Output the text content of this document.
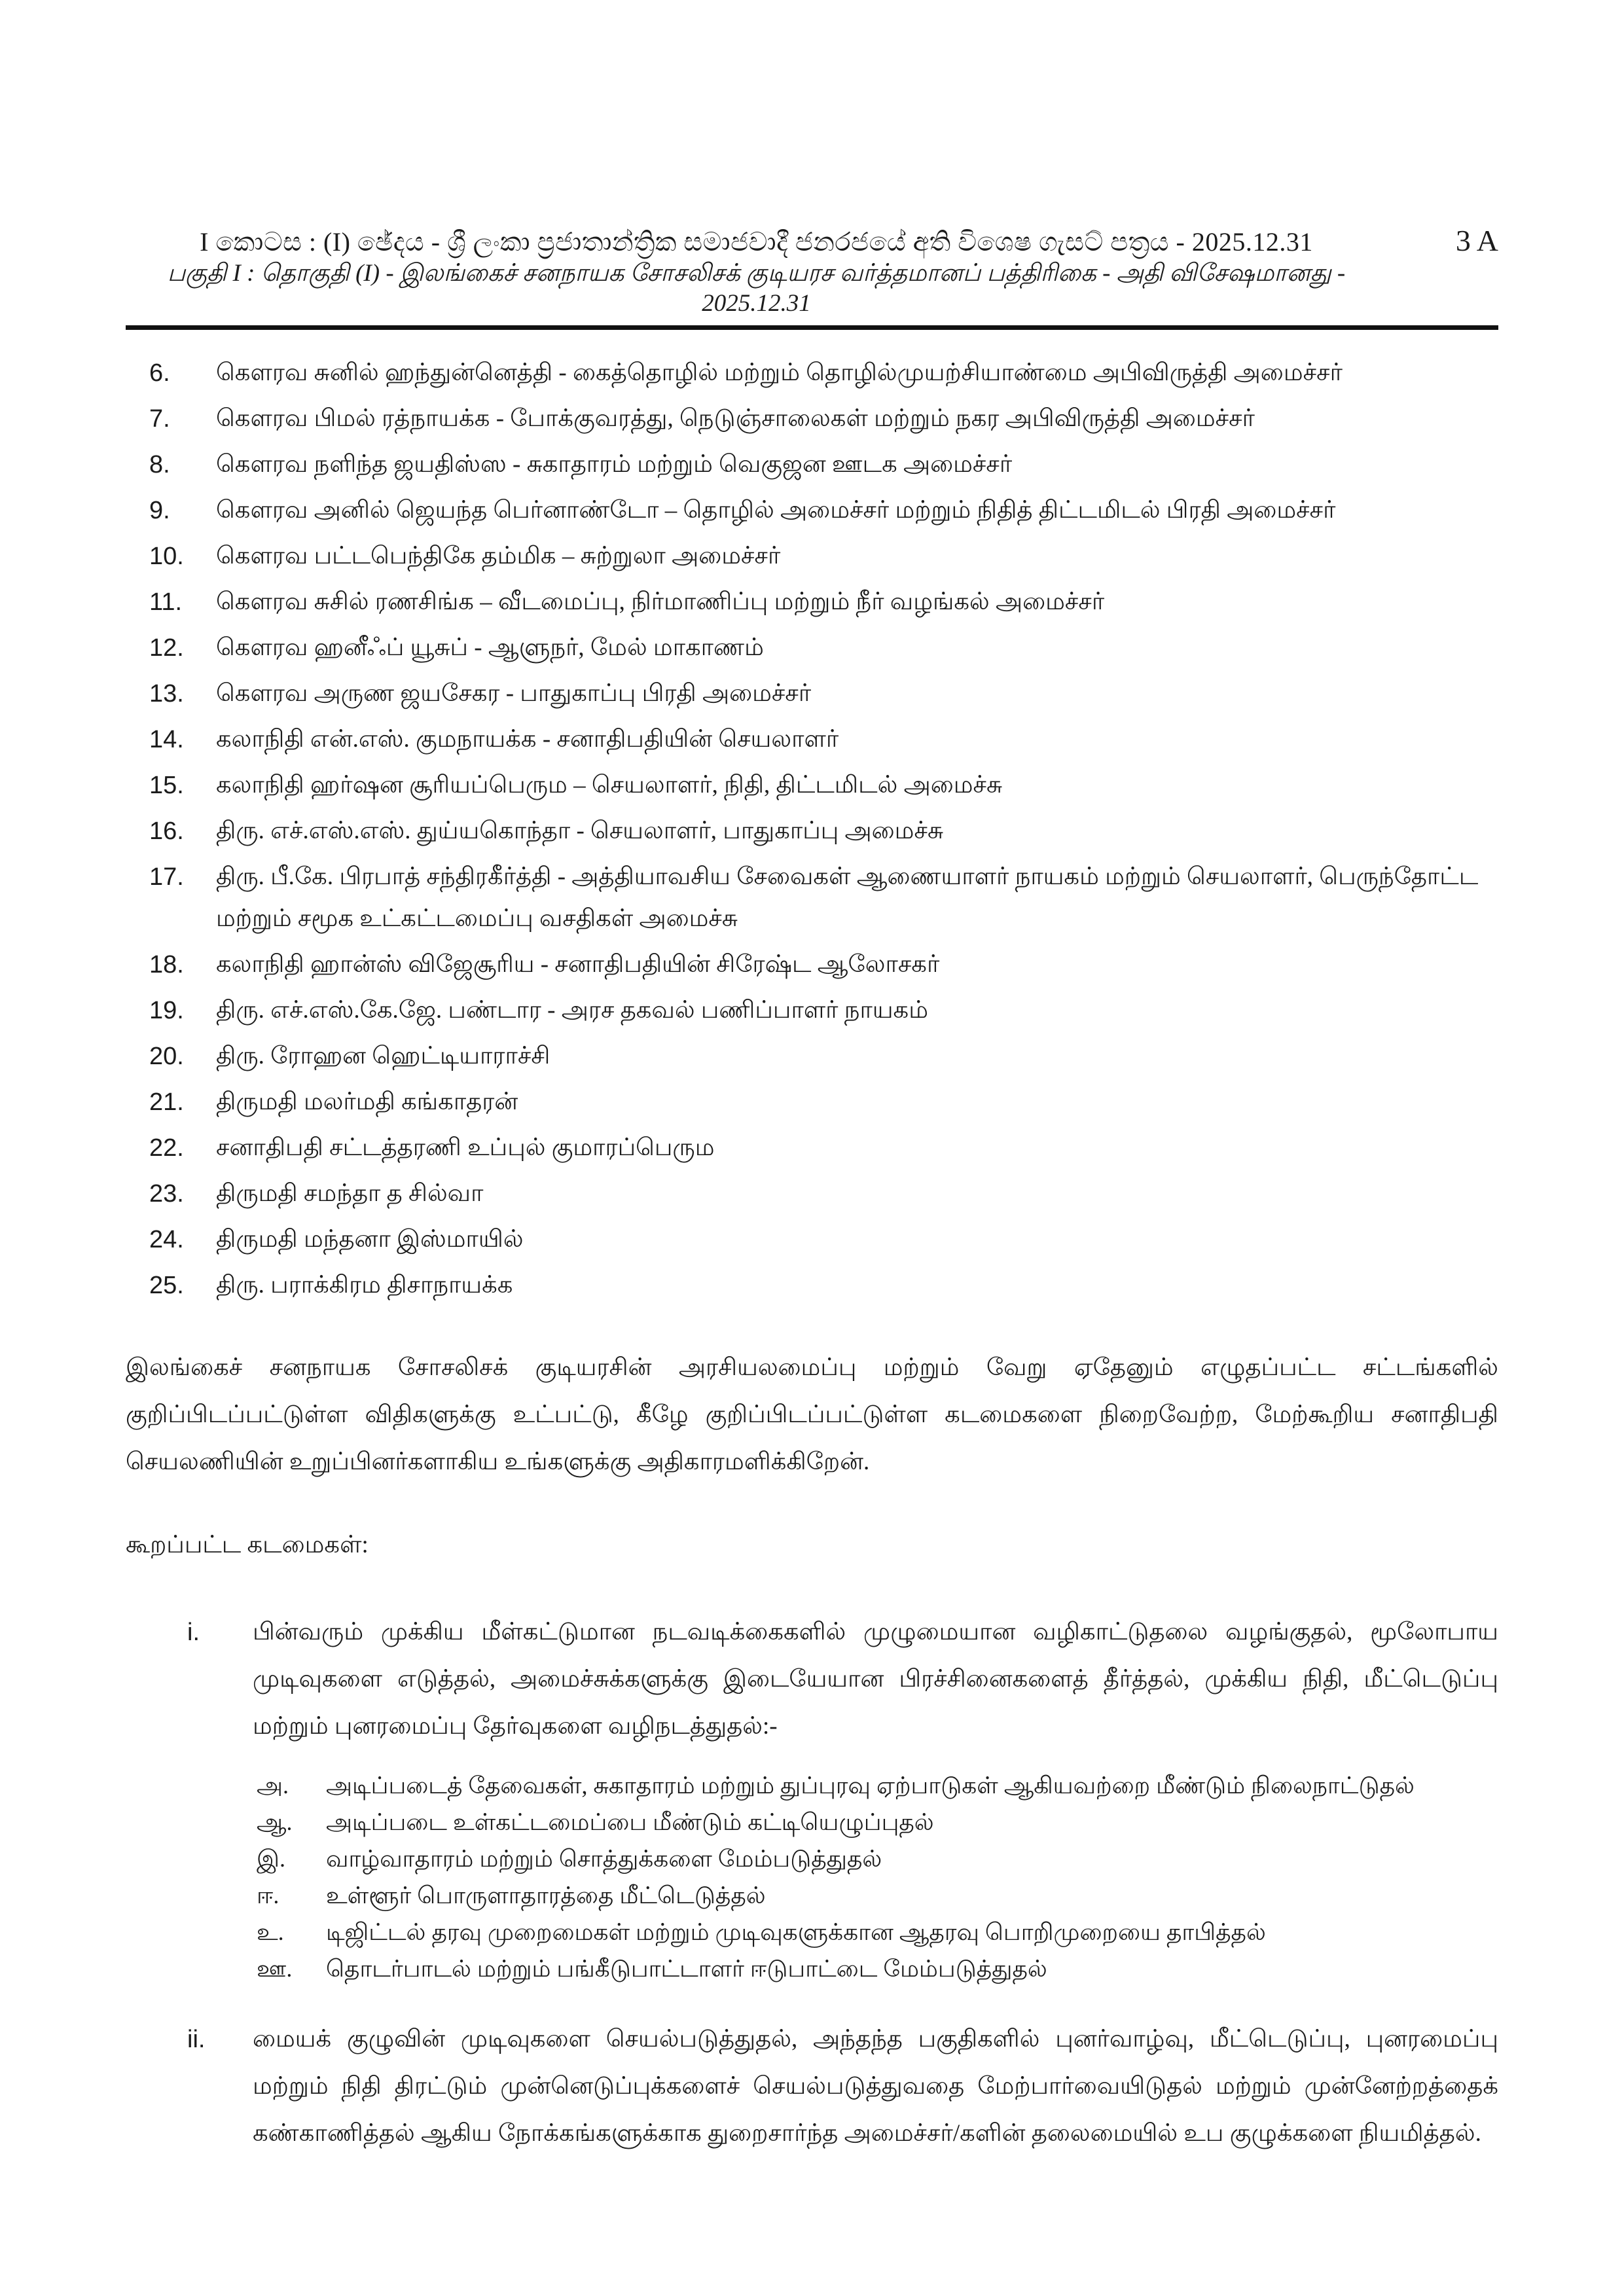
3 A
I කොටස : (I) ඡේදය - ශ්‍රී ලංකා ප්‍රජාතාන්ත්‍රික සමාජවාදී ජනරජයේ අති විශෙෂ ගැසට් පත්‍රය - 2025.12.31
பகுதி I : தொகுதி (I) - இலங்கைச் சனநாயக சோசலிசக் குடியரச வர்த்தமானப் பத்திரிகை - அதி விசேஷமானது - 2025.12.31
6.	கௌரவ சுனில் ஹந்துன்னெத்தி - கைத்தொழில் மற்றும் தொழில்முயற்சியாண்மை அபிவிருத்தி அமைச்சர்
7.	கௌரவ பிமல் ரத்நாயக்க - போக்குவரத்து, நெடுஞ்சாலைகள் மற்றும் நகர அபிவிருத்தி அமைச்சர்
8.	கௌரவ நளிந்த ஜயதிஸ்ஸ - சுகாதாரம் மற்றும் வெகுஜன ஊடக அமைச்சர்
9.	கௌரவ அனில் ஜெயந்த பெர்னாண்டோ – தொழில் அமைச்சர் மற்றும் நிதித் திட்டமிடல் பிரதி அமைச்சர்
10.	கௌரவ பட்டபெந்திகே தம்மிக – சுற்றுலா அமைச்சர்
11.	கௌரவ சுசில் ரணசிங்க – வீடமைப்பு, நிர்மாணிப்பு மற்றும் நீர் வழங்கல் அமைச்சர்
12.	கௌரவ ஹனீஃப் யூசுப் - ஆளுநர், மேல் மாகாணம்
13.	கௌரவ அருண ஜயசேகர - பாதுகாப்பு பிரதி அமைச்சர்
14.	கலாநிதி என்.எஸ். குமநாயக்க - சனாதிபதியின் செயலாளர்
15.	கலாநிதி ஹர்ஷன சூரியப்பெரும – செயலாளர், நிதி, திட்டமிடல் அமைச்சு
16.	திரு. எச்.எஸ்.எஸ். துய்யகொந்தா - செயலாளர், பாதுகாப்பு அமைச்சு
17.	திரு. பீ.கே. பிரபாத் சந்திரகீர்த்தி - அத்தியாவசிய சேவைகள் ஆணையாளர் நாயகம் மற்றும் செயலாளர், பெருந்தோட்ட மற்றும் சமூக உட்கட்டமைப்பு வசதிகள் அமைச்சு
18.	கலாநிதி ஹான்ஸ் விஜேசூரிய - சனாதிபதியின் சிரேஷ்ட ஆலோசகர்
19.	திரு. எச்.எஸ்.கே.ஜே. பண்டார - அரச தகவல் பணிப்பாளர் நாயகம்
20.	திரு. ரோஹன ஹெட்டியாராச்சி
21.	திருமதி மலர்மதி கங்காதரன்
22.	சனாதிபதி சட்டத்தரணி உப்புல் குமாரப்பெரும
23.	திருமதி சமந்தா த சில்வா
24.	திருமதி மந்தனா இஸ்மாயில்
25.	திரு. பராக்கிரம திசாநாயக்க
இலங்கைச் சனநாயக சோசலிசக் குடியரசின் அரசியலமைப்பு மற்றும் வேறு ஏதேனும் எழுதப்பட்ட சட்டங்களில் குறிப்பிடப்பட்டுள்ள விதிகளுக்கு உட்பட்டு, கீழே குறிப்பிடப்பட்டுள்ள கடமைகளை நிறைவேற்ற, மேற்கூறிய சனாதிபதி செயலணியின் உறுப்பினர்களாகிய உங்களுக்கு அதிகாரமளிக்கிறேன்.
கூறப்பட்ட கடமைகள்:
i.	பின்வரும் முக்கிய மீள்கட்டுமான நடவடிக்கைகளில் முழுமையான வழிகாட்டுதலை வழங்குதல், மூலோபாய முடிவுகளை எடுத்தல், அமைச்சுக்களுக்கு இடையேயான பிரச்சினைகளைத் தீர்த்தல், முக்கிய நிதி, மீட்டெடுப்பு மற்றும் புனரமைப்பு தேர்வுகளை வழிநடத்துதல்:-
அ.	அடிப்படைத் தேவைகள், சுகாதாரம் மற்றும் துப்புரவு ஏற்பாடுகள் ஆகியவற்றை மீண்டும் நிலைநாட்டுதல்
ஆ.	அடிப்படை உள்கட்டமைப்பை மீண்டும் கட்டியெழுப்புதல்
இ.	வாழ்வாதாரம் மற்றும் சொத்துக்களை மேம்படுத்துதல்
ஈ.	உள்ளூர் பொருளாதாரத்தை மீட்டெடுத்தல்
உ.	டிஜிட்டல் தரவு முறைமைகள் மற்றும் முடிவுகளுக்கான ஆதரவு பொறிமுறையை தாபித்தல்
ஊ.	தொடர்பாடல் மற்றும் பங்கீடுபாட்டாளர் ஈடுபாட்டை மேம்படுத்துதல்
ii.	மையக் குழுவின் முடிவுகளை செயல்படுத்துதல், அந்தந்த பகுதிகளில் புனர்வாழ்வு, மீட்டெடுப்பு, புனரமைப்பு மற்றும் நிதி திரட்டும் முன்னெடுப்புக்களைச் செயல்படுத்துவதை மேற்பார்வையிடுதல் மற்றும் முன்னேற்றத்தைக் கண்காணித்தல் ஆகிய நோக்கங்களுக்காக துறைசார்ந்த அமைச்சர்/களின் தலைமையில் உப குழுக்களை நியமித்தல்.
